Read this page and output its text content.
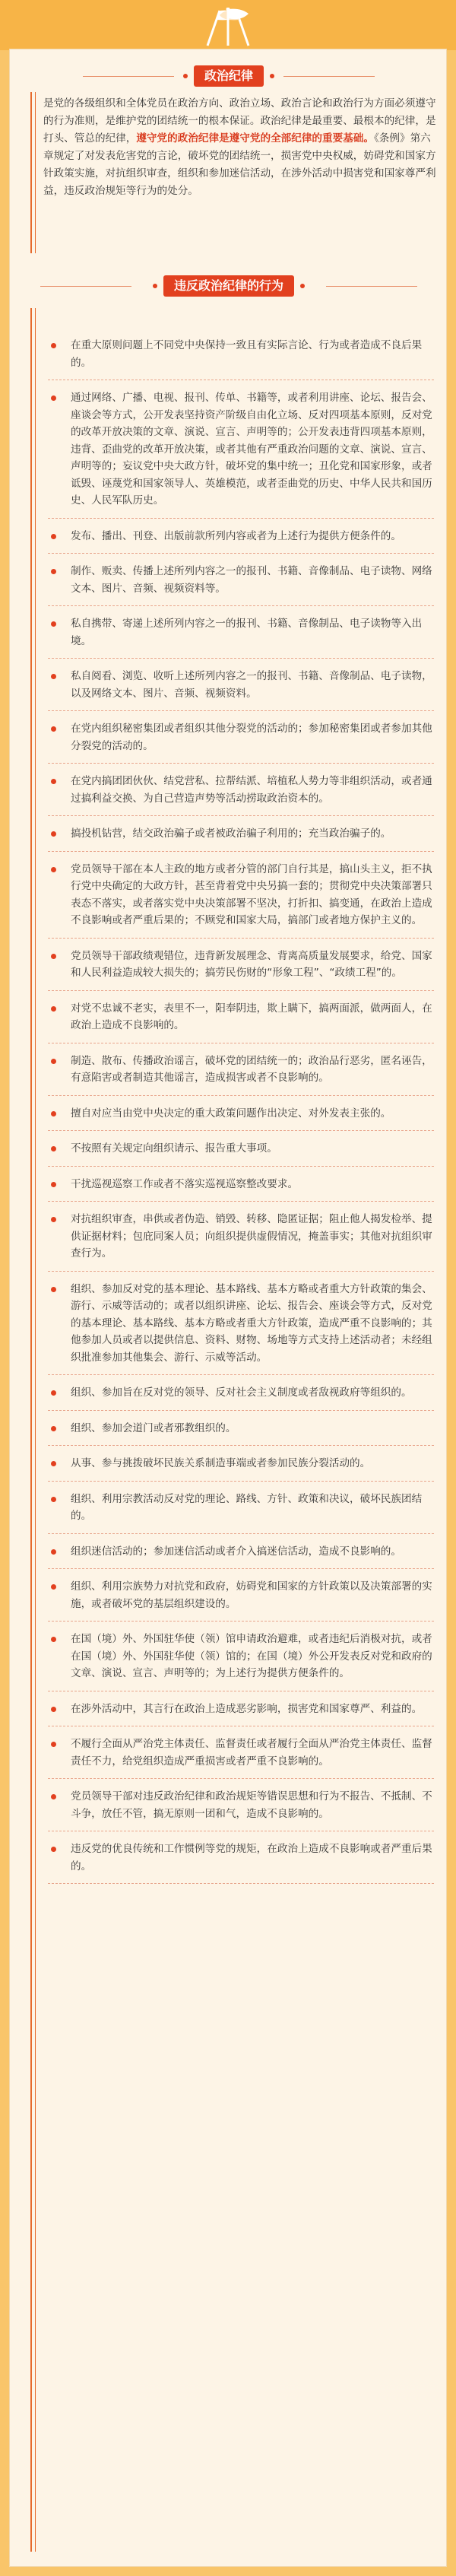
政治纪律
是党的各级组织和全体党员在政治方向、政治立场、政治言论和政治行为方面必须遵守的行为准则，是维护党的团结统一的根本保证。政治纪律是最重要、最根本的纪律，是打头、管总的纪律，遵守党的政治纪律是遵守党的全部纪律的重要基础。《条例》第六章规定了对发表危害党的言论，破坏党的团结统一，损害党中央权威，妨碍党和国家方针政策实施，对抗组织审查，组织和参加迷信活动，在涉外活动中损害党和国家尊严利益，违反政治规矩等行为的处分。
违反政治纪律的行为

在重大原则问题上不同党中央保持一致且有实际言论、行为或者造成不良后果的。

通过网络、广播、电视、报刊、传单、书籍等，或者利用讲座、论坛、报告会、座谈会等方式，公开发表坚持资产阶级自由化立场、反对四项基本原则，反对党的改革开放决策的文章、演说、宣言、声明等的；公开发表违背四项基本原则，违背、歪曲党的改革开放决策，或者其他有严重政治问题的文章、演说、宣言、声明等的；妄议党中央大政方针，破坏党的集中统一；丑化党和国家形象，或者诋毁、诬蔑党和国家领导人、英雄模范，或者歪曲党的历史、中华人民共和国历史、人民军队历史。

发布、播出、刊登、出版前款所列内容或者为上述行为提供方便条件的。

制作、贩卖、传播上述所列内容之一的报刊、书籍、音像制品、电子读物、网络文本、图片、音频、视频资料等。

私自携带、寄递上述所列内容之一的报刊、书籍、音像制品、电子读物等入出境。

私自阅看、浏览、收听上述所列内容之一的报刊、书籍、音像制品、电子读物，以及网络文本、图片、音频、视频资料。

在党内组织秘密集团或者组织其他分裂党的活动的；参加秘密集团或者参加其他分裂党的活动的。

在党内搞团团伙伙、结党营私、拉帮结派、培植私人势力等非组织活动，或者通过搞利益交换、为自己营造声势等活动捞取政治资本的。

搞投机钻营，结交政治骗子或者被政治骗子利用的；充当政治骗子的。

党员领导干部在本人主政的地方或者分管的部门自行其是，搞山头主义，拒不执行党中央确定的大政方针，甚至背着党中央另搞一套的；贯彻党中央决策部署只表态不落实，或者落实党中央决策部署不坚决，打折扣、搞变通，在政治上造成不良影响或者严重后果的；不顾党和国家大局，搞部门或者地方保护主义的。

党员领导干部政绩观错位，违背新发展理念、背离高质量发展要求，给党、国家和人民利益造成较大损失的；搞劳民伤财的“形象工程”、“政绩工程”的。

对党不忠诚不老实，表里不一，阳奉阴违，欺上瞒下，搞两面派，做两面人，在政治上造成不良影响的。

制造、散布、传播政治谣言，破坏党的团结统一的；政治品行恶劣，匿名诬告，有意陷害或者制造其他谣言，造成损害或者不良影响的。

擅自对应当由党中央决定的重大政策问题作出决定、对外发表主张的。

不按照有关规定向组织请示、报告重大事项。

干扰巡视巡察工作或者不落实巡视巡察整改要求。

对抗组织审查，串供或者伪造、销毁、转移、隐匿证据；阻止他人揭发检举、提供证据材料；包庇同案人员；向组织提供虚假情况，掩盖事实；其他对抗组织审查行为。

组织、参加反对党的基本理论、基本路线、基本方略或者重大方针政策的集会、游行、示威等活动的；或者以组织讲座、论坛、报告会、座谈会等方式，反对党的基本理论、基本路线、基本方略或者重大方针政策，造成严重不良影响的；其他参加人员或者以提供信息、资料、财物、场地等方式支持上述活动者；未经组织批准参加其他集会、游行、示威等活动。

组织、参加旨在反对党的领导、反对社会主义制度或者敌视政府等组织的。

组织、参加会道门或者邪教组织的。

从事、参与挑拨破坏民族关系制造事端或者参加民族分裂活动的。

组织、利用宗教活动反对党的理论、路线、方针、政策和决议，破坏民族团结的。

组织迷信活动的；参加迷信活动或者介入搞迷信活动，造成不良影响的。

组织、利用宗族势力对抗党和政府，妨碍党和国家的方针政策以及决策部署的实施，或者破坏党的基层组织建设的。

在国（境）外、外国驻华使（领）馆申请政治避难，或者违纪后消极对抗，或者在国（境）外、外国驻华使（领）馆的；在国（境）外公开发表反对党和政府的文章、演说、宣言、声明等的；为上述行为提供方便条件的。

在涉外活动中，其言行在政治上造成恶劣影响，损害党和国家尊严、利益的。

不履行全面从严治党主体责任、监督责任或者履行全面从严治党主体责任、监督责任不力，给党组织造成严重损害或者严重不良影响的。

党员领导干部对违反政治纪律和政治规矩等错误思想和行为不报告、不抵制、不斗争，放任不管，搞无原则一团和气，造成不良影响的。

违反党的优良传统和工作惯例等党的规矩，在政治上造成不良影响或者严重后果的。
